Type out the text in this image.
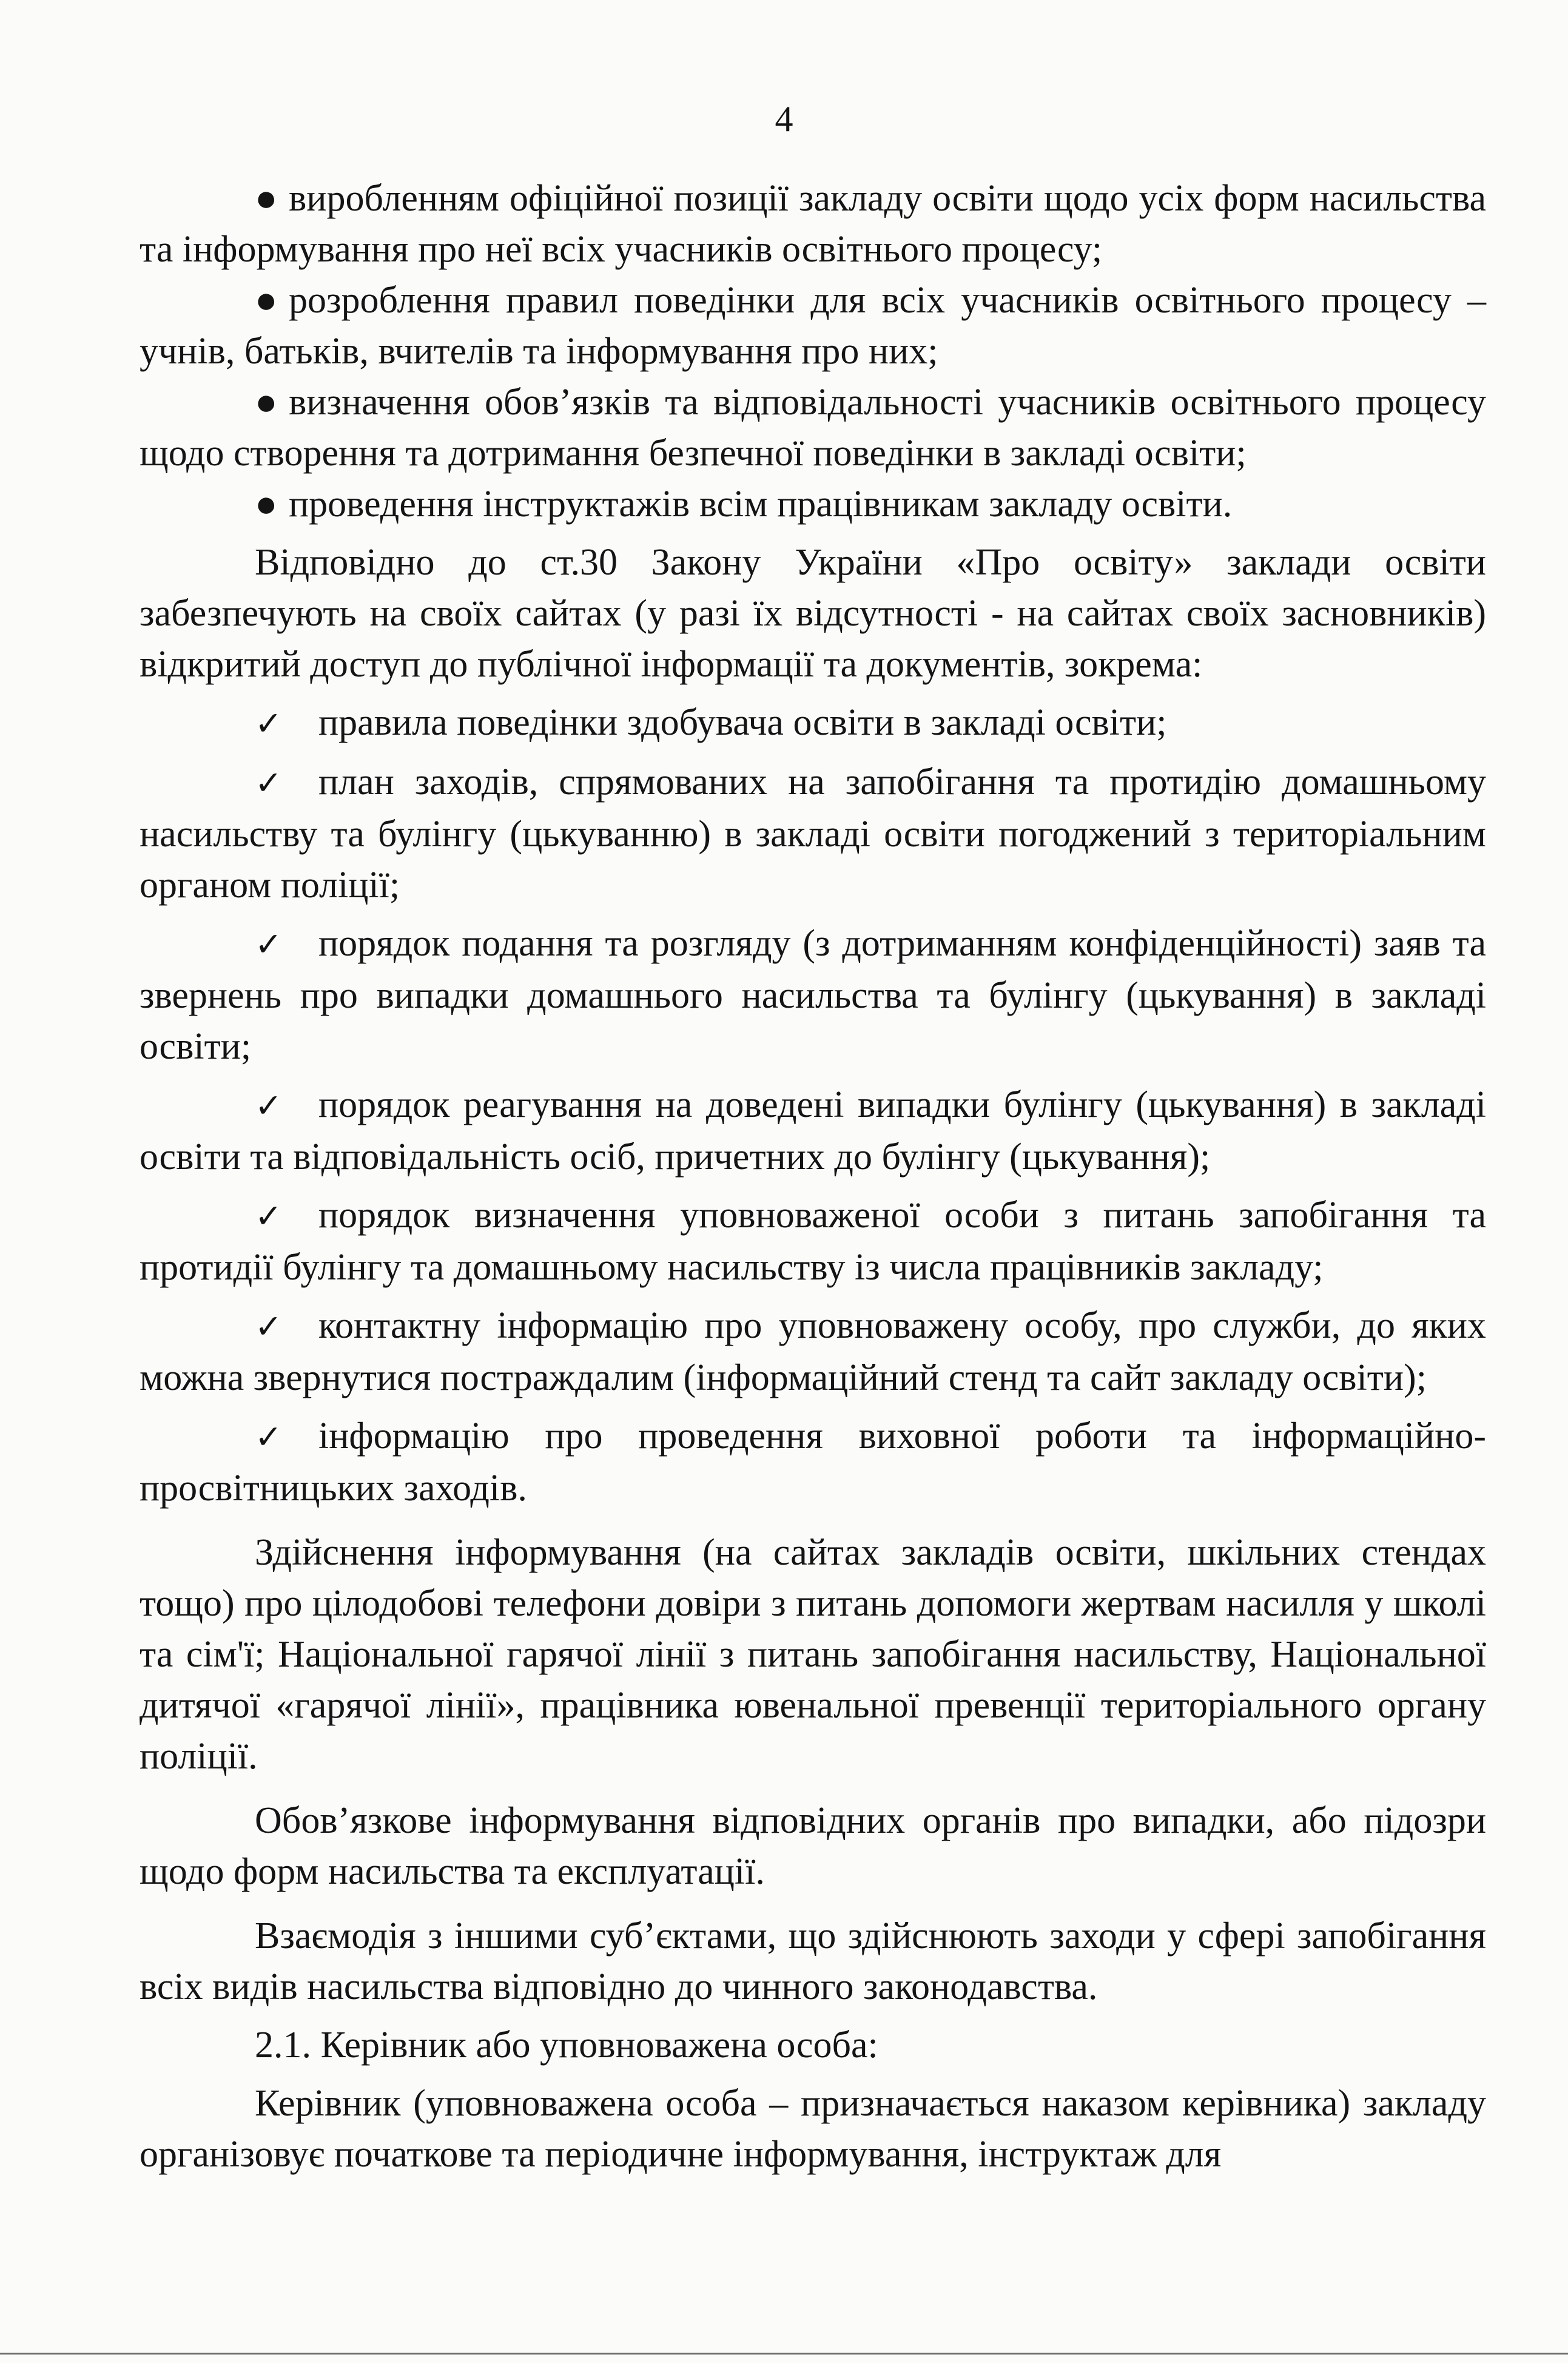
4
● виробленням офіційної позиції закладу освіти щодо усіх форм насильства та інформування про неї всіх учасників освітнього процесу;
● розроблення правил поведінки для всіх учасників освітнього процесу – учнів, батьків, вчителів та інформування про них;
● визначення обов’язків та відповідальності учасників освітнього процесу щодо створення та дотримання безпечної поведінки в закладі освіти;
● проведення інструктажів всім працівникам закладу освіти.

Відповідно до ст.30 Закону України «Про освіту» заклади освіти забезпечують на своїх сайтах (у разі їх відсутності - на сайтах своїх засновників) відкритий доступ до публічної інформації та документів, зокрема:

✓ правила поведінки здобувача освіти в закладі освіти;
✓ план заходів, спрямованих на запобігання та протидію домашньому насильству та булінгу (цькуванню) в закладі освіти погоджений з територіальним органом поліції;
✓ порядок подання та розгляду (з дотриманням конфіденційності) заяв та звернень про випадки домашнього насильства та булінгу (цькування) в закладі освіти;
✓ порядок реагування на доведені випадки булінгу (цькування) в закладі освіти та відповідальність осіб, причетних до булінгу (цькування);
✓ порядок визначення уповноваженої особи з питань запобігання та протидії булінгу та домашньому насильству із числа працівників закладу;
✓ контактну інформацію про уповноважену особу, про служби, до яких можна звернутися постраждалим (інформаційний стенд та сайт закладу освіти);
✓ інформацію про проведення виховної роботи та інформаційно-просвітницьких заходів.

Здійснення інформування (на сайтах закладів освіти, шкільних стендах тощо) про цілодобові телефони довіри з питань допомоги жертвам насилля у школі та сім'ї; Національної гарячої лінії з питань запобігання насильству, Національної дитячої «гарячої лінії», працівника ювенальної превенції територіального органу поліції.

Обов’язкове інформування відповідних органів про випадки, або підозри щодо форм насильства та експлуатації.

Взаємодія з іншими суб’єктами, що здійснюють заходи у сфері запобігання всіх видів насильства відповідно до чинного законодавства.

2.1. Керівник або уповноважена особа:

Керівник (уповноважена особа – призначається наказом керівника) закладу організовує початкове та періодичне інформування, інструктаж для
